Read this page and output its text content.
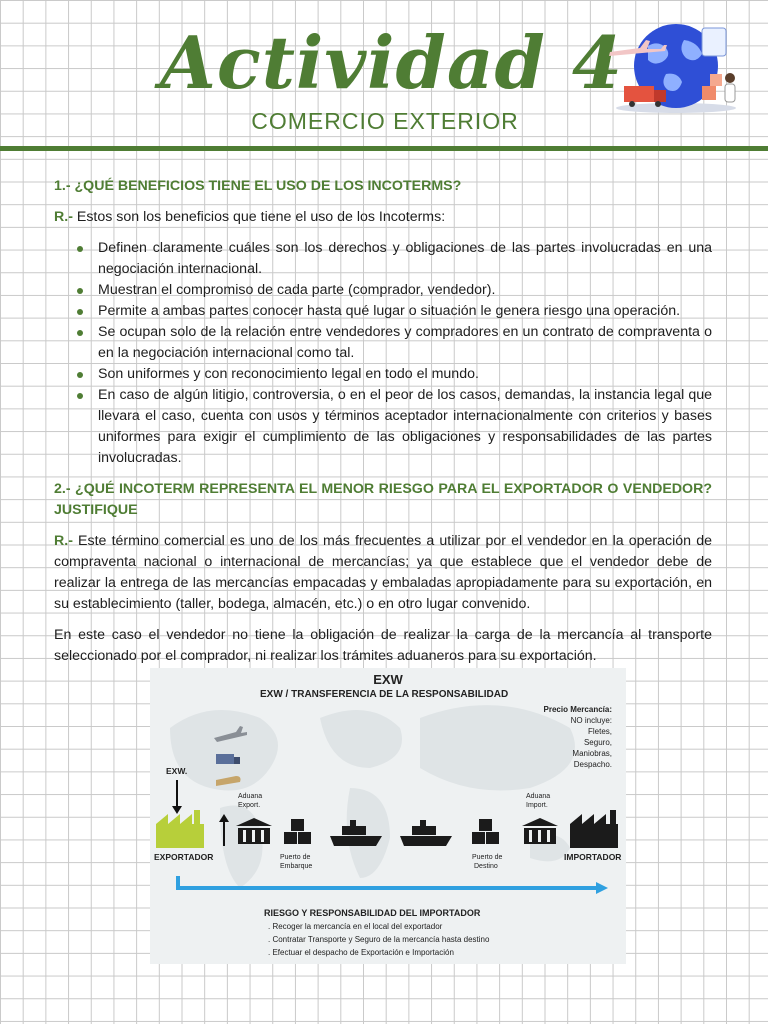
Actividad 4
COMERCIO EXTERIOR
1.- ¿QUÉ BENEFICIOS TIENE EL USO DE LOS INCOTERMS?
R.- Estos son los beneficios que tiene el uso de los Incoterms:
Definen claramente cuáles son los derechos y obligaciones de las partes involucradas en una negociación internacional.
Muestran el compromiso de cada parte (comprador, vendedor).
Permite a ambas partes conocer hasta qué lugar o situación le genera riesgo una operación.
Se ocupan solo de la relación entre vendedores y compradores en un contrato de compraventa o en la negociación internacional como tal.
Son uniformes y con reconocimiento legal en todo el mundo.
En caso de algún litigio, controversia, o en el peor de los casos, demandas, la instancia legal que llevara el caso, cuenta con usos y términos aceptador internacionalmente con criterios y bases uniformes para exigir el cumplimiento de las obligaciones y responsabilidades de las partes involucradas.
2.- ¿QUÉ INCOTERM REPRESENTA EL MENOR RIESGO PARA EL EXPORTADOR O VENDEDOR? JUSTIFIQUE
R.- Este término comercial es uno de los más frecuentes a utilizar por el vendedor en la operación de compraventa nacional o internacional de mercancías; ya que establece que el vendedor debe de realizar la entrega de las mercancías empacadas y embaladas apropiadamente para su exportación, en su establecimiento (taller, bodega, almacén, etc.) o en otro lugar convenido.
En este caso el vendedor no tiene la obligación de realizar la carga de la mercancía al transporte seleccionado por el comprador, ni realizar los trámites aduaneros para su exportación.
EXW
EXW / TRANSFERENCIA DE LA RESPONSABILIDAD
Precio Mercancía:
NO incluye:
Fletes,
Seguro,
Maniobras,
Despacho.
EXW.
EXPORTADOR
Aduana
Export.
Puerto de
Embarque
Puerto de
Destino
Aduana
Import.
IMPORTADOR
RIESGO Y RESPONSABILIDAD DEL IMPORTADOR
. Recoger la mercancía en el local del exportador
. Contratar Transporte y Seguro de la mercancía hasta destino
. Efectuar el despacho de Exportación e Importación
